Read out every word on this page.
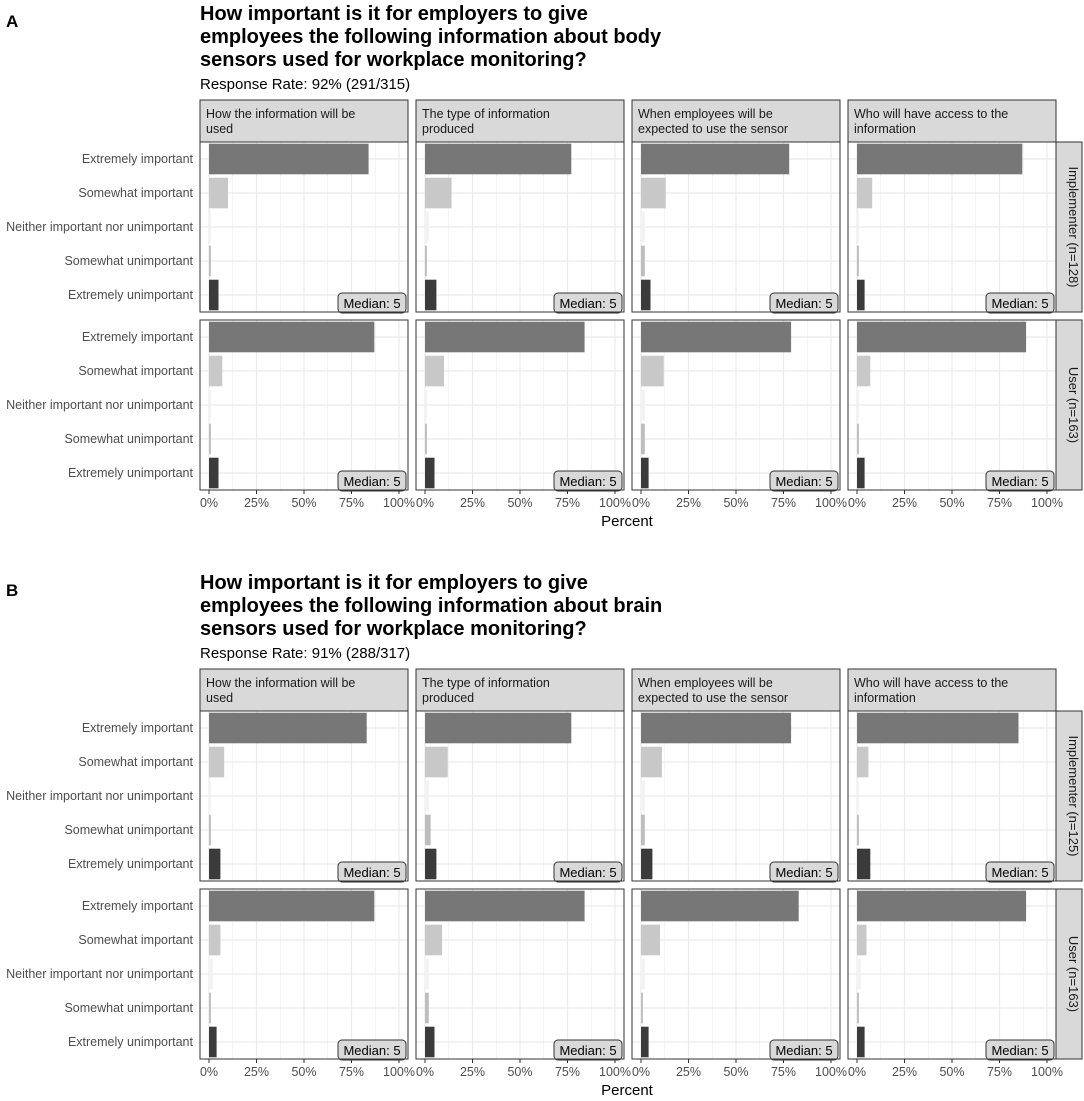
A	How important is it for employers to give
employees the following information about body
sensors used for workplace monitoring?
Response Rate: 92% (291/315)
How the information will be
used
The type of information
produced
When employees will be
expected to use the sensor
Who will have access to the
information
Extremely important
Somewhat important
Neither important nor unimportant
Somewhat unimportant
Extremely unimportant
Median: 5	Median: 5	Median: 5	Median: 5
Implementer (n=128)
Extremely important
Somewhat important
Neither important nor unimportant
Somewhat unimportant
Extremely unimportant
Median: 5	Median: 5	Median: 5	Median: 5
User (n=163)
0% 25% 50% 75% 100% 0% 25% 50% 75% 100% 0% 25% 50% 75% 100% 0% 25% 50% 75% 100%
Percent
B	How important is it for employers to give
employees the following information about brain
sensors used for workplace monitoring?
Response Rate: 91% (288/317)
How the information will be
used
The type of information
produced
When employees will be
expected to use the sensor
Who will have access to the
information
Extremely important
Somewhat important
Neither important nor unimportant
Somewhat unimportant
Extremely unimportant
Median: 5	Median: 5	Median: 5	Median: 5
Implementer (n=125)
Extremely important
Somewhat important
Neither important nor unimportant
Somewhat unimportant
Extremely unimportant
Median: 5	Median: 5	Median: 5	Median: 5
User (n=163)
0% 25% 50% 75% 100% 0% 25% 50% 75% 100% 0% 25% 50% 75% 100% 0% 25% 50% 75% 100%
Percent
